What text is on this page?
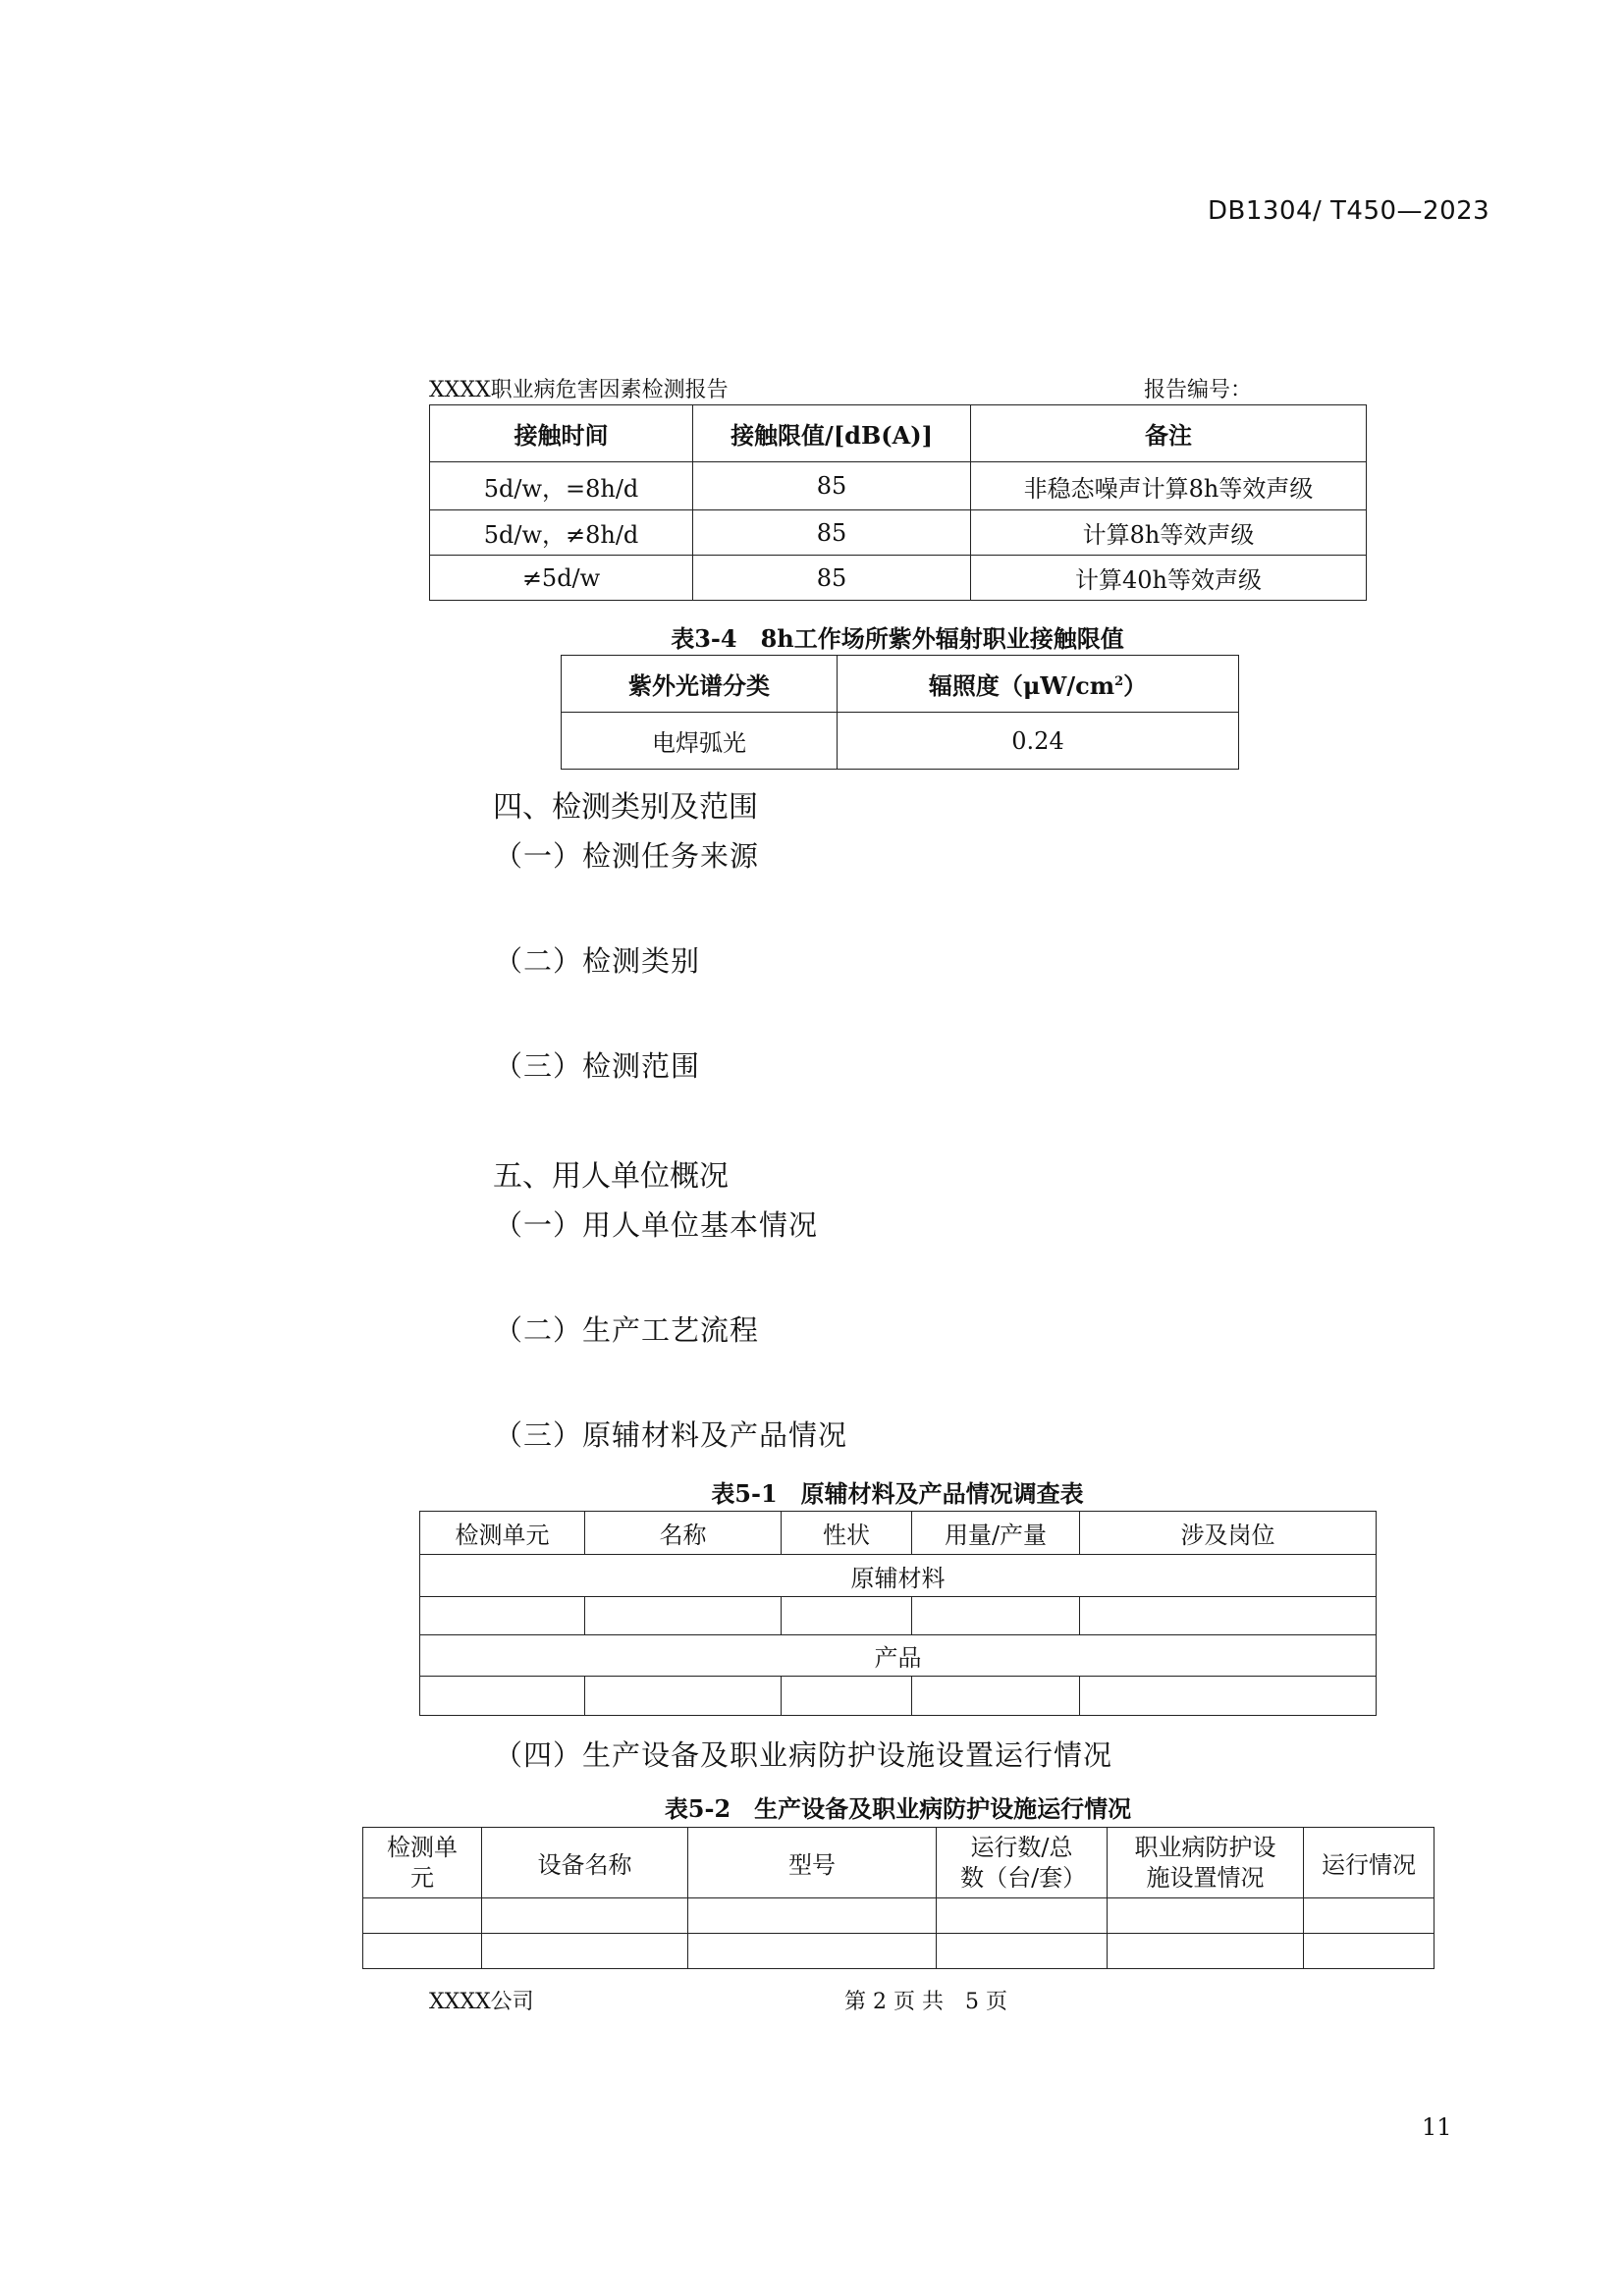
DB1304/ T450—2023
XXXX职业病危害因素检测报告	报告编号：
接触时间	接触限值/[dB(A)]	备注
5d/w，=8h/d	85	非稳态噪声计算8h等效声级
5d/w，≠8h/d	85	计算8h等效声级
≠5d/w	85	计算40h等效声级
表3-4　8h工作场所紫外辐射职业接触限值
紫外光谱分类	辐照度$(\mu W/cm^2)$
电焊弧光	0.24
四、检测类别及范围
（一）检测任务来源
（二）检测类别
（三）检测范围
五、用人单位概况
（一）用人单位基本情况
（二）生产工艺流程
（三）原辅材料及产品情况
表5-1　原辅材料及产品情况调查表
检测单元	名称	性状	用量/产量	涉及岗位
原辅材料				

产品				

（四）生产设备及职业病防护设施设置运行情况
表5-2　生产设备及职业病防护设施运行情况
检测单元	设备名称	型号	运行数/总数（台/套）	职业病防护设施设置情况	运行情况

XXXX公司	第 2 页 共　5 页
11
